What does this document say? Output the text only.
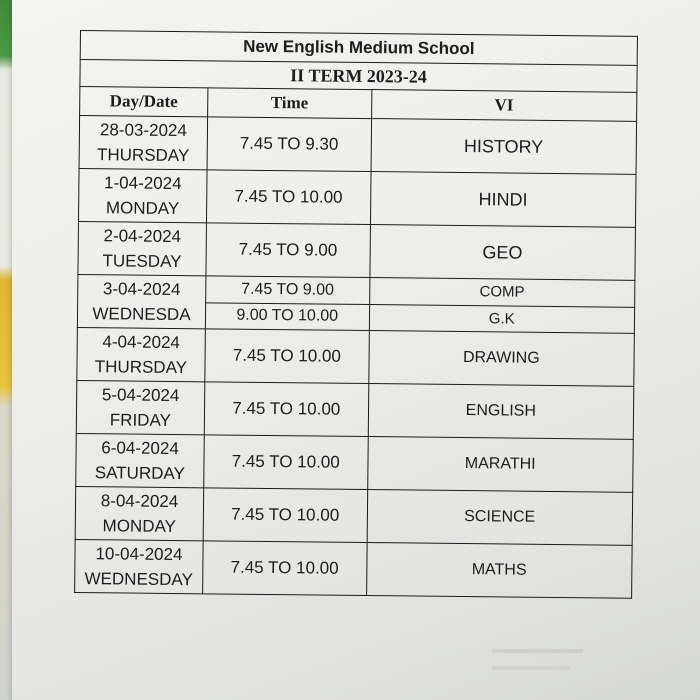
▬▬▬▬▬▬▬
▬▬▬▬▬▬
New English Medium School		
II TERM 2023-24		
Day/Date	Time	VI

28-03-2024
THURSDAY	7.45 TO 9.30	HISTORY

1-04-2024
MONDAY	7.45 TO 10.00	HINDI

2-04-2024
TUESDAY	7.45 TO 9.00	GEO

3-04-2024
WEDNESDA	7.45 TO 9.00	COMP
	9.00 TO 10.00	G.K

4-04-2024
THURSDAY	7.45 TO 10.00	DRAWING

5-04-2024
FRIDAY	7.45 TO 10.00	ENGLISH

6-04-2024
SATURDAY	7.45 TO 10.00	MARATHI

8-04-2024
MONDAY	7.45 TO 10.00	SCIENCE

10-04-2024
WEDNESDAY	7.45 TO 10.00	MATHS
